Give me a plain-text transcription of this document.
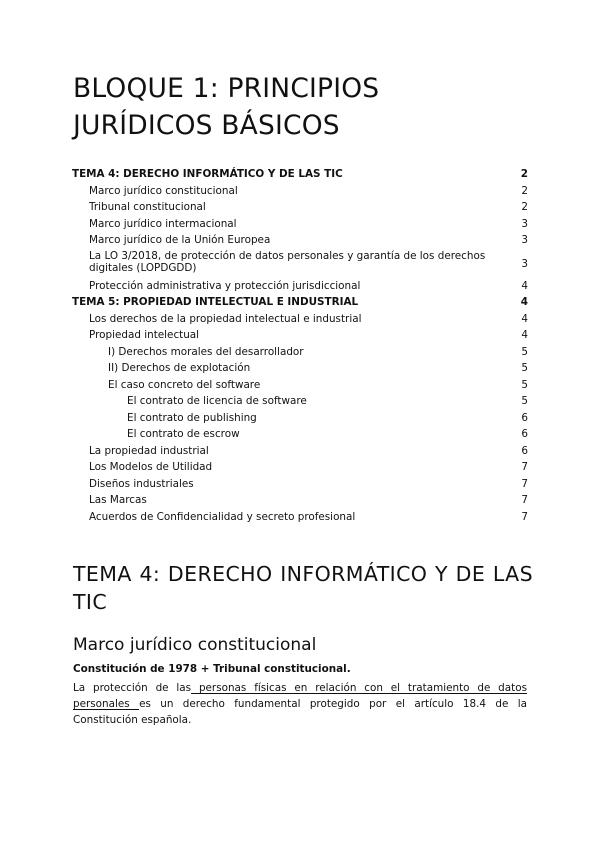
BLOQUE 1: PRINCIPIOS
JURÍDICOS BÁSICOS
TEMA 4: DERECHO INFORMÁTICO Y DE LAS TIC	2
Marco jurídico constitucional	2
Tribunal constitucional	2
Marco jurídico intermacional	3
Marco jurídico de la Unión Europea	3
La LO 3/2018, de protección de datos personales y garantía de los derechos digitales (LOPDGDD)	3
Protección administrativa y protección jurisdiccional	4
TEMA 5: PROPIEDAD INTELECTUAL E INDUSTRIAL	4
Los derechos de la propiedad intelectual e industrial	4
Propiedad intelectual	4
I) Derechos morales del desarrollador	5
II) Derechos de explotación	5
El caso concreto del software	5
El contrato de licencia de software	5
El contrato de publishing	6
El contrato de escrow	6
La propiedad industrial	6
Los Modelos de Utilidad	7
Diseños industriales	7
Las Marcas	7
Acuerdos de Confidencialidad y secreto profesional	7
TEMA 4: DERECHO INFORMÁTICO Y DE LAS
TIC
Marco jurídico constitucional

Constitución de 1978 + Tribunal constitucional.

La protección de las personas físicas en relación con el tratamiento de datos personales es un derecho fundamental protegido por el artículo 18.4 de la Constitución española.
